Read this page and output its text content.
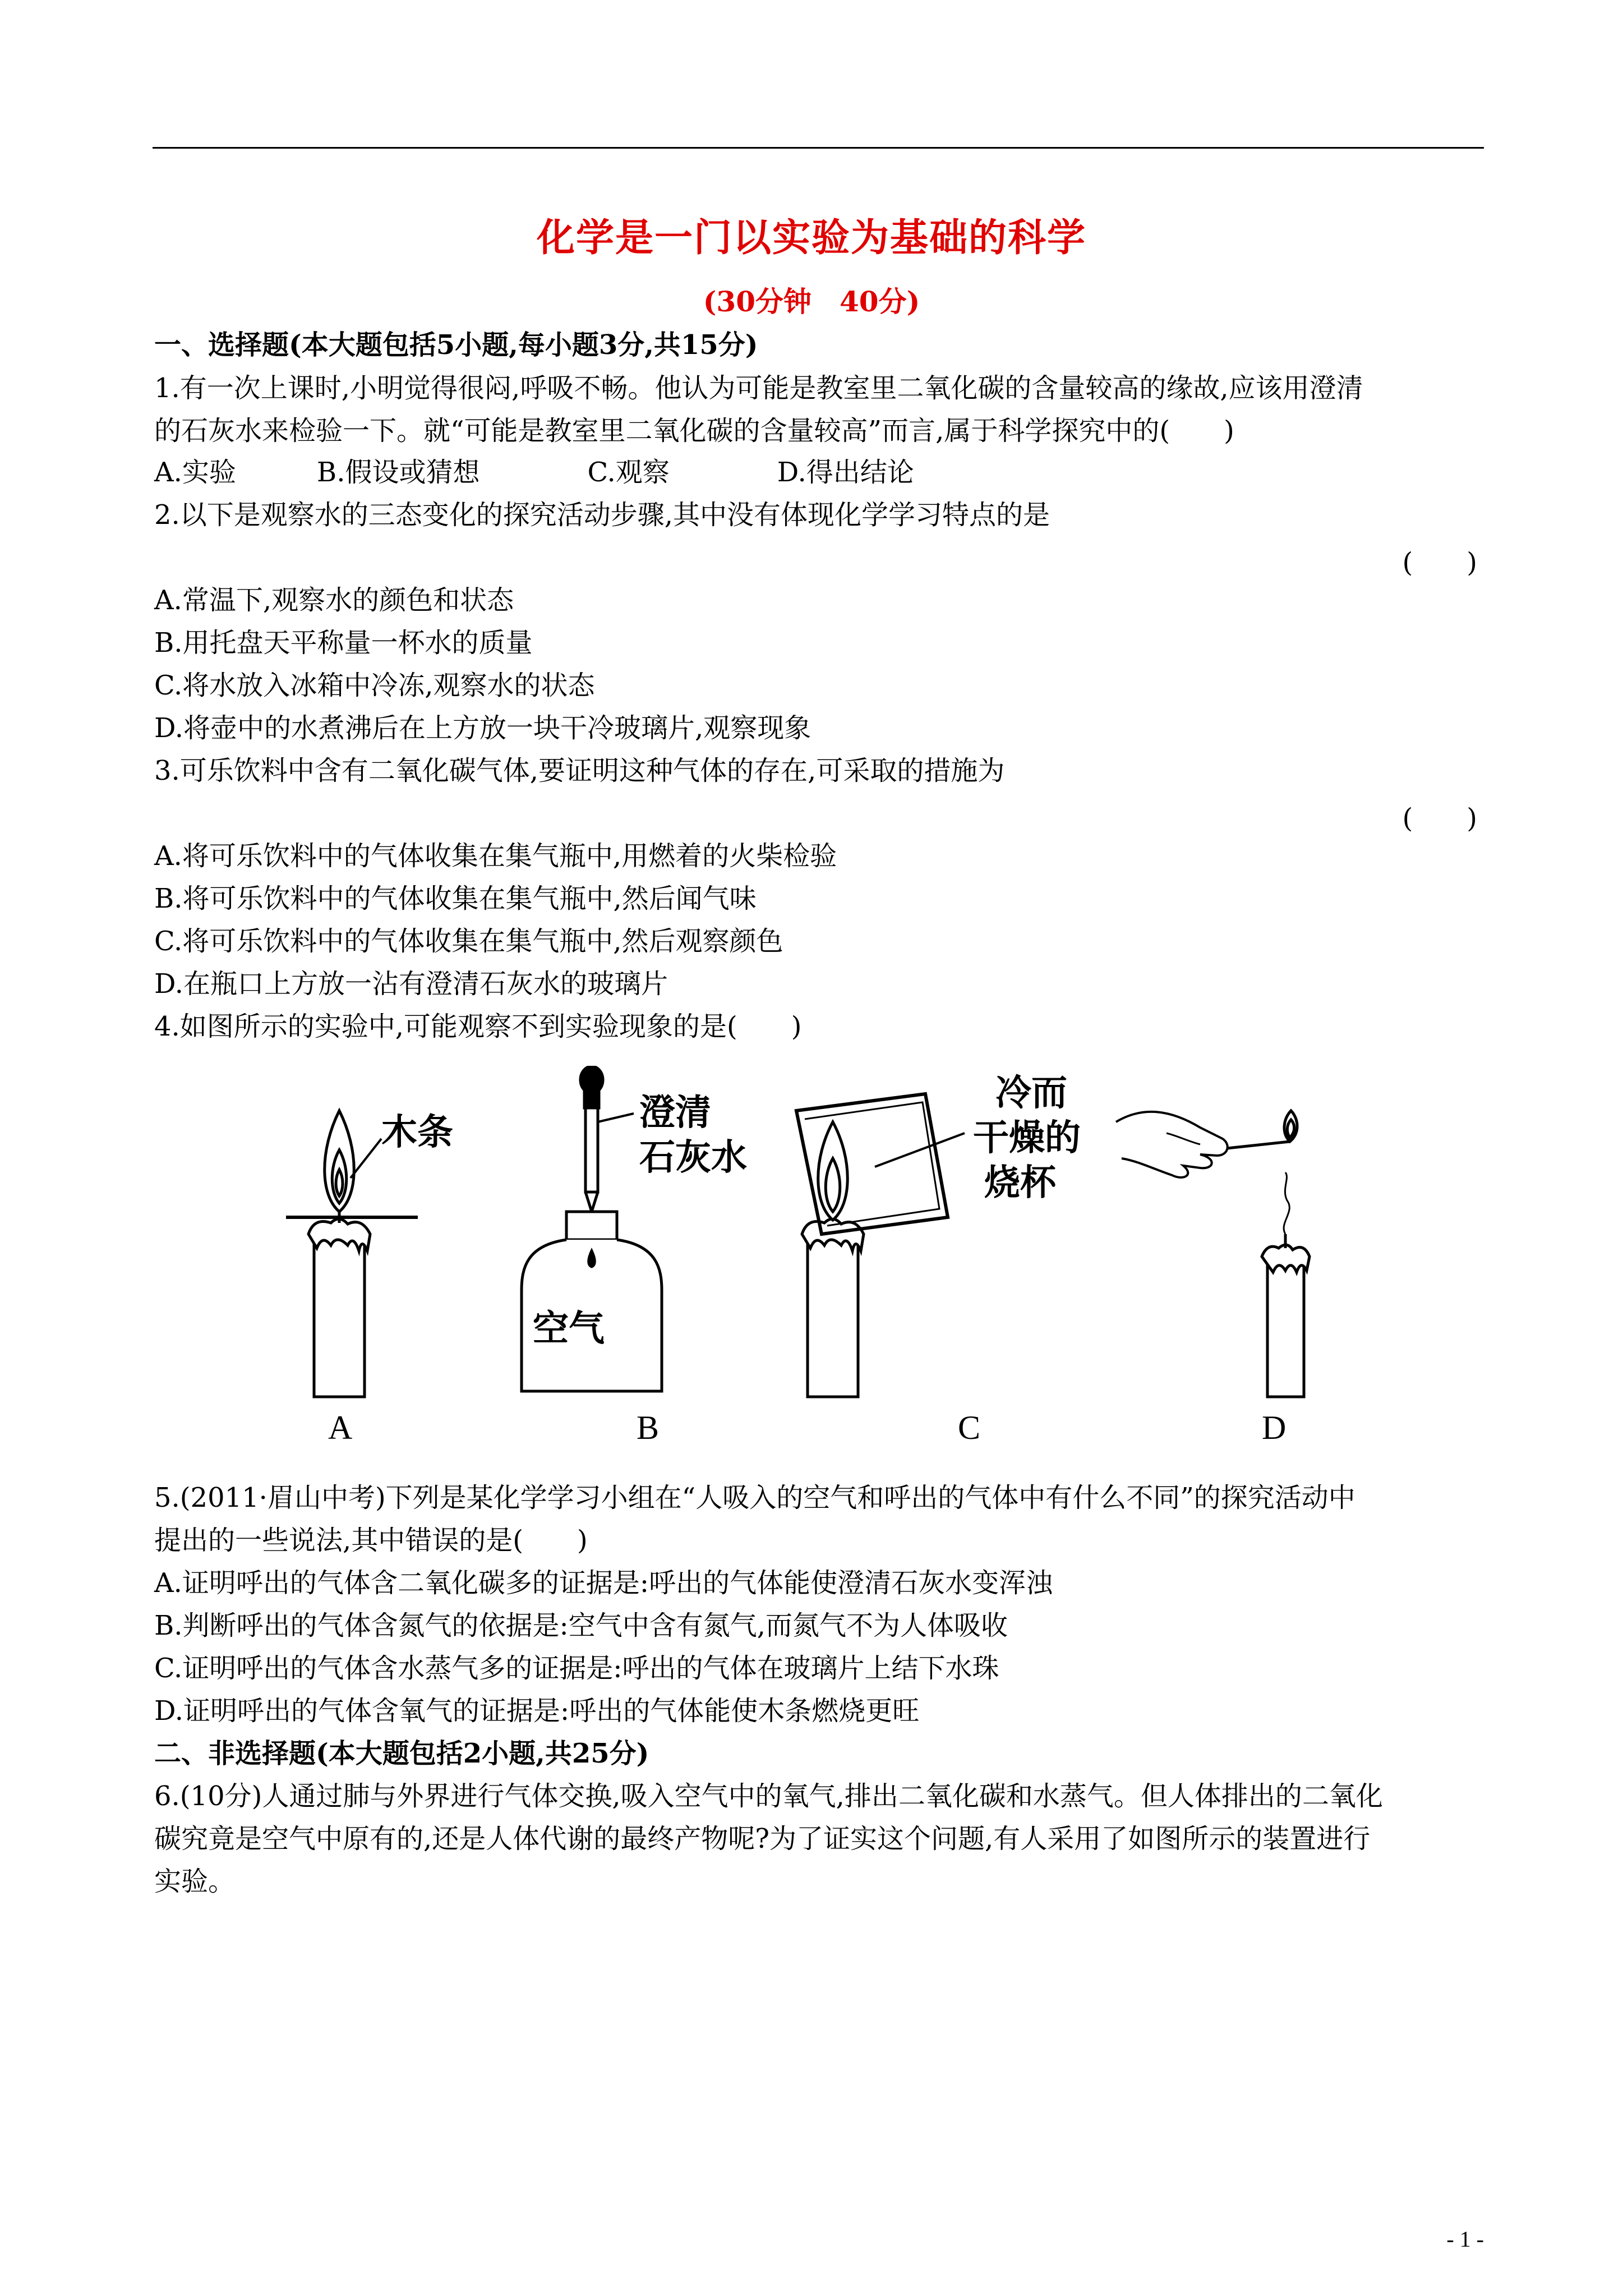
化学是一门以实验为基础的科学
(30分钟　40分)
一、选择题(本大题包括5小题,每小题3分,共15分)
1.有一次上课时,小明觉得很闷,呼吸不畅。他认为可能是教室里二氧化碳的含量较高的缘故,应该用澄清
的石灰水来检验一下。就“可能是教室里二氧化碳的含量较高”而言,属于科学探究中的(　　)
A.实验　　　B.假设或猜想　　　　C.观察　　　　D.得出结论
2.以下是观察水的三态变化的探究活动步骤,其中没有体现化学学习特点的是
(　　)
A.常温下,观察水的颜色和状态
B.用托盘天平称量一杯水的质量
C.将水放入冰箱中冷冻,观察水的状态
D.将壶中的水煮沸后在上方放一块干冷玻璃片,观察现象
3.可乐饮料中含有二氧化碳气体,要证明这种气体的存在,可采取的措施为
(　　)
A.将可乐饮料中的气体收集在集气瓶中,用燃着的火柴检验
B.将可乐饮料中的气体收集在集气瓶中,然后闻气味
C.将可乐饮料中的气体收集在集气瓶中,然后观察颜色
D.在瓶口上方放一沾有澄清石灰水的玻璃片
4.如图所示的实验中,可能观察不到实验现象的是(　　)
木条	澄清
石灰水
空气
冷而
干燥的
烧杯
A	B	C	D
5.(2011·眉山中考)下列是某化学学习小组在“人吸入的空气和呼出的气体中有什么不同”的探究活动中
提出的一些说法,其中错误的是(　　)
A.证明呼出的气体含二氧化碳多的证据是:呼出的气体能使澄清石灰水变浑浊
B.判断呼出的气体含氮气的依据是:空气中含有氮气,而氮气不为人体吸收
C.证明呼出的气体含水蒸气多的证据是:呼出的气体在玻璃片上结下水珠
D.证明呼出的气体含氧气的证据是:呼出的气体能使木条燃烧更旺
二、非选择题(本大题包括2小题,共25分)
6.(10分)人通过肺与外界进行气体交换,吸入空气中的氧气,排出二氧化碳和水蒸气。但人体排出的二氧化
碳究竟是空气中原有的,还是人体代谢的最终产物呢?为了证实这个问题,有人采用了如图所示的装置进行
实验。
- 1 -
